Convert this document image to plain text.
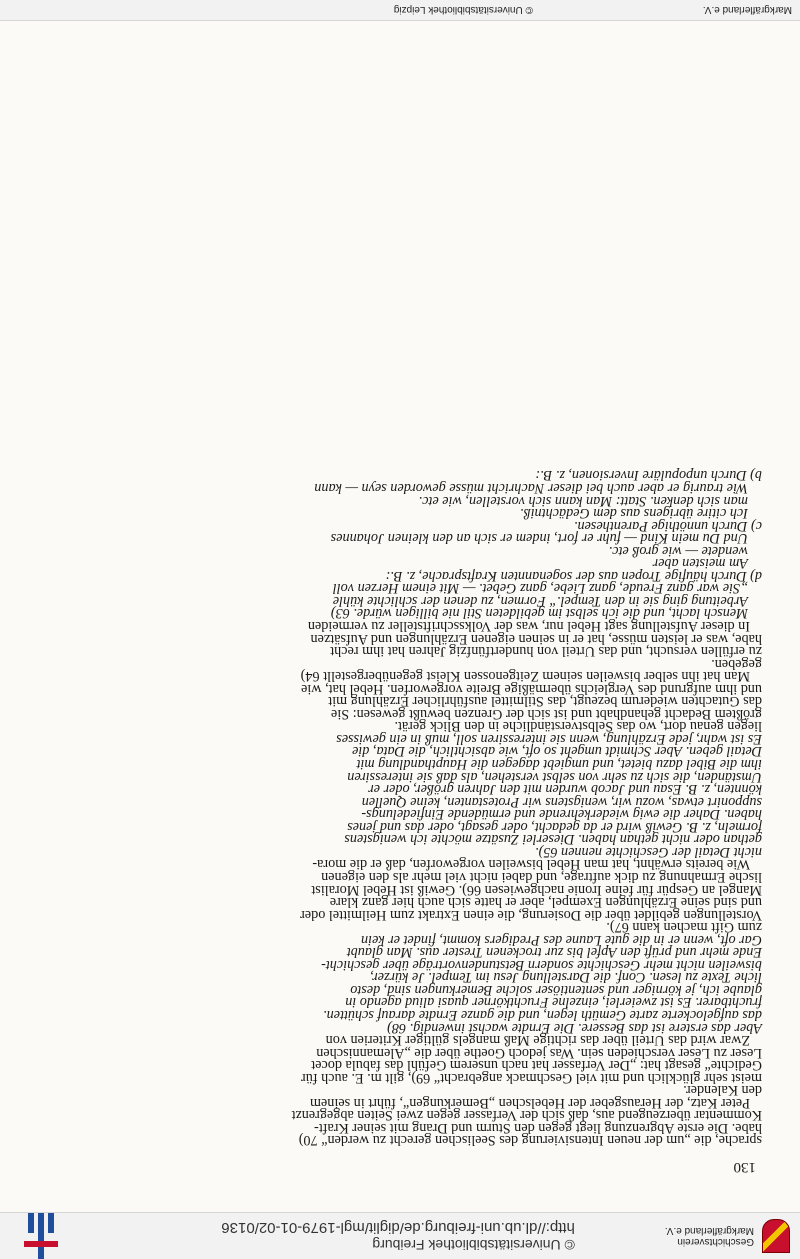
Geschichtsverein
Markgräflerland e.V.
© Universitätsbibliothek Freiburg
http://dl.ub.uni-freiburg.de/diglit/mgl-1979-01-02/0136
130

sprache, die „um der neuen Intensivierung des Seelischen gerecht zu werden“ 70)

habe. Die erste Abgrenzung liegt gegen den Sturm und Drang mit seiner Kraft-

Kommentar überzeugend aus, daß sich der Verfasser gegen zwei Seiten abgegrenzt

Peter Katz, der Herausgeber der Hebelschen „Bemerkungen“, führt in seinem

den Kalender.

meist sehr glücklich und mit viel Geschmack angebracht“ 69), gilt m. E. auch für

Gedichte“ gesagt hat: „Der Verfasser hat nach unserem Gefühl das fabula docet

Leser zu Leser verschieden sein. Was jedoch Goethe über die „Alemannischen

Zwar wird das Urteil über das richtige Maß mangels gültiger Kriterien von

Aber das erstere ist das Bessere. Die Erndte wachst inwendig. 68)

das aufgelockerte zarte Gemüth legen, und die ganze Erndte darauf schütten.

fruchtbarer. Es ist zweierlei, einzelne Fruchtkörner quasi aliud agendo in

glaube ich, je körniger und sententiöser solche Bemerkungen sind, desto

liche Texte zu lesen. Conf. die Darstellung Jesu im Tempel. Je kürzer,

bisweilen nicht mehr Geschichte sondern Betstundenvorträge über geschicht-

Ende mehr und prüft den Apfel bis zur trockenen Trester aus. Man glaubt

Gar oft, wenn er in die gute Laune des Predigers kommt, findet er kein

zum Gift machen kann 67).

Vorstellungen gebildet über die Dosierung, die einen Extrakt zum Heilmittel oder

und sind seine Erzählungen Exempel, aber er hatte sich auch hier ganz klare

Mangel an Gespür für feine Ironie nachgewiesen 66). Gewiß ist Hebel Moralist

lische Ermahnung zu dick auftrage, und dabei nicht viel mehr als den eigenen

Wie bereits erwähnt, hat man Hebel bisweilen vorgeworfen, daß er die mora-

nicht Detail der Geschichte nennen 65).

gethan oder nicht gethan haben. Dieserlei Zusätze möchte ich wenigstens

formeln, z. B. Gewiß wird er da gedacht, oder gesagt, oder das und jenes

haben. Daher die ewig wiederkehrende und ermüdende Einfiedelungs-

supponirt etwas, wozu wir, wenigstens wir Protestanten, keine Quellen

könnten, z. B. Esau und Jacob wurden mit den Jahren größer, oder er

Umständen, die sich zu sehr von selbst verstehen, als daß sie interessiren

ihm die Bibel dazu bietet, und umgiebt dagegen die Haupthandlung mit

Detail geben. Aber Schmidt umgeht so oft, wie absichtlich, die Data, die

Es ist wahr, jede Erzählung, wenn sie interessiren soll, muß in ein gewisses

liegen genau dort, wo das Selbstverständliche in den Blick gerät.

größtem Bedacht gehandhabt und ist sich der Grenzen bewußt gewesen: Sie

das Gutachten wiederum bezeugt, das Stilmittel ausführlicher Erzählung mit

und ihm aufgrund des Vergleichs übermäßige Breite vorgeworfen. Hebel hat, wie

Man hat ihn selber bisweilen seinem Zeitgenossen Kleist gegenübergestellt 64)

gegeben.

zu erfüllen versucht, und das Urteil von hundertfünfzig Jahren hat ihm recht

habe, was er leisten müsse, hat er in seinen eigenen Erzählungen und Aufsätzen

In dieser Aufstellung sagt Hebel nur, was der Volksschriftsteller zu vermeiden

Mensch lacht, und die ich selbst im gebildeten Stil nie billigen würde. 63)

Arbeitung ging sie in den Tempel.“ Formen, zu denen der schlichte kühle

„Sie war ganz Freude, ganz Liebe, ganz Gebet. — Mit einem Herzen voll

d) Durch häufige Tropen aus der sogenannten Kraftsprache, z. B.:

Am meisten aber

wendete — wie groß etc.

Und Du mein Kind — fuhr er fort, indem er sich an den kleinen Johannes

c) Durch unnöthige Parenthesen.

Ich citire übrigens aus dem Gedächtniß.

man sich denken. Statt: Man kann sich vorstellen, wie etc.

Wie traurig er aber auch bei dieser Nachricht müsse geworden seyn — kann

b) Durch unpopuläre Inversionen, z. B.:

Markgräflerland e.V.
© Universitätsbibliothek Leipzig
